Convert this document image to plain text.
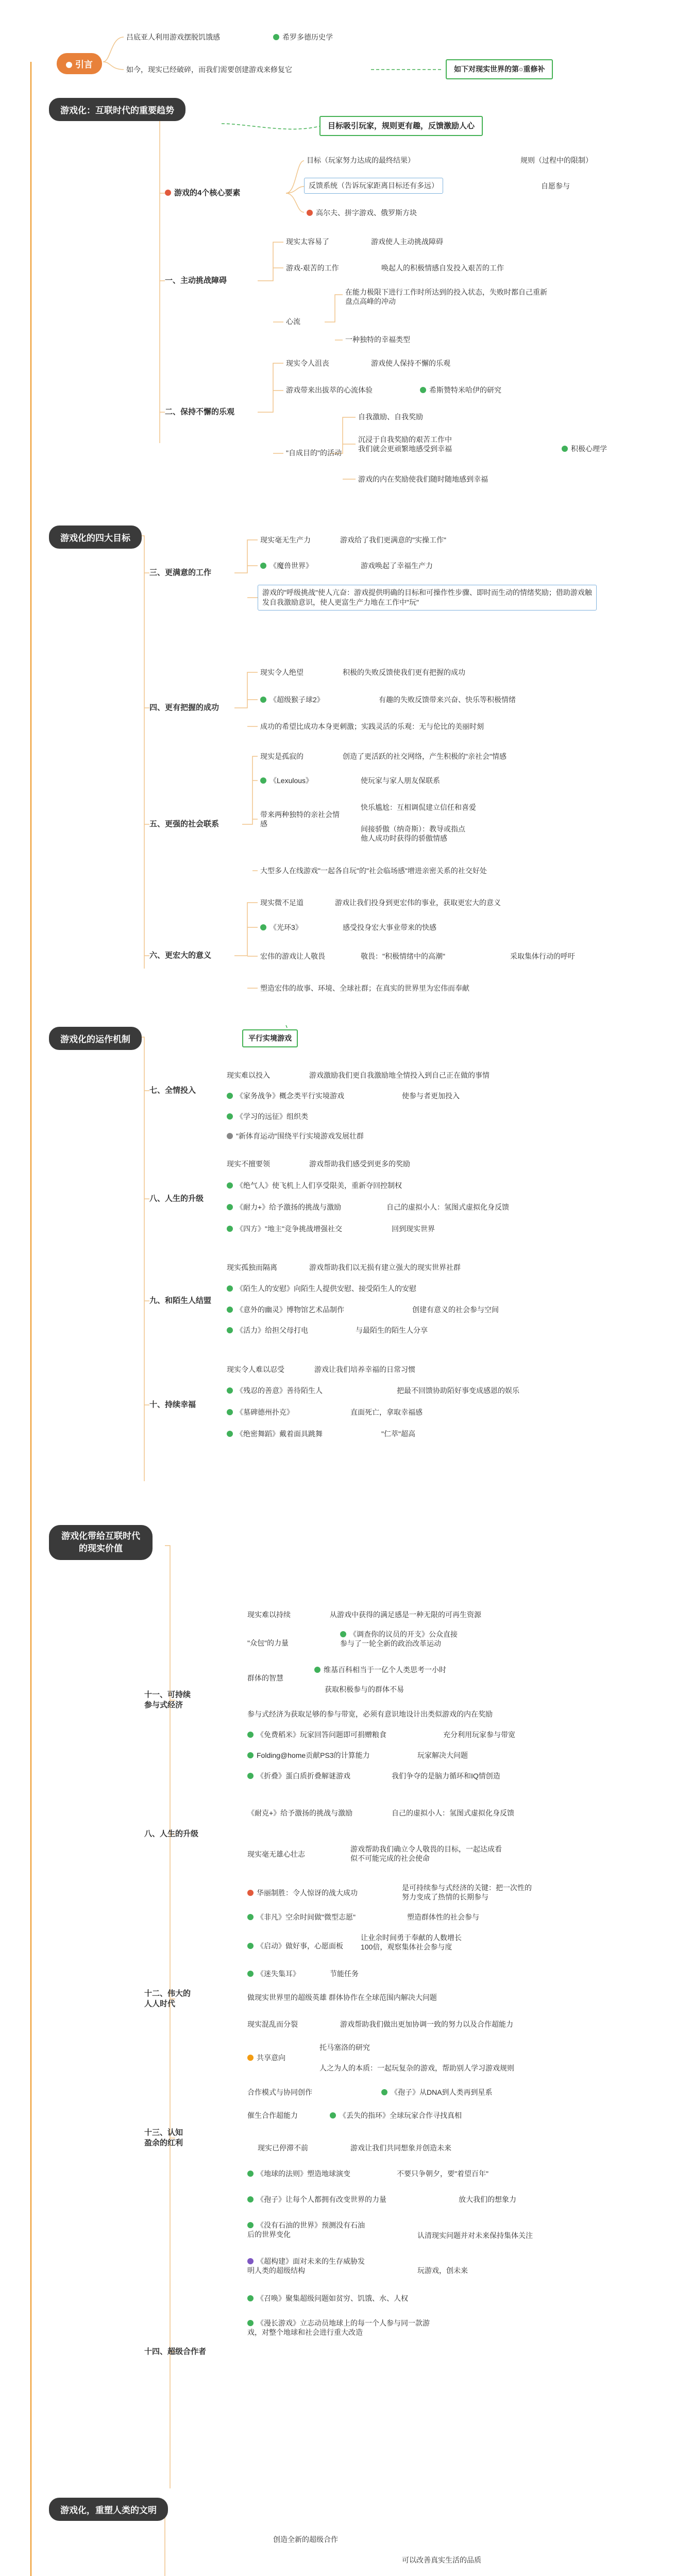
引言
吕底亚人利用游戏摆脱饥饿感	希罗多德历史学
如今，现实已经破碎，而我们需要创建游戏来修复它	如下对现实世界的第○重修补
游戏化：互联时代的重要趋势
目标吸引玩家，规则更有趣，反馈激励人心
游戏的4个核心要素
目标（玩家努力达成的最终结果）	规则（过程中的限制）
反馈系统（告诉玩家距离目标还有多远）	自愿参与
高尔夫、拼字游戏、俄罗斯方块
一、主动挑战障碍
现实太容易了	游戏使人主动挑战障碍
游戏-艰苦的工作	唤起人的积极情感自发投入艰苦的工作
心流
在能力极限下进行工作时所达到的投入状态，失败时都自己重新盘点高峰的冲动
一种独特的幸福类型
二、保持不懈的乐观
现实令人沮丧	游戏使人保持不懈的乐观
游戏带来出拔萃的心流体验	希斯赞特米哈伊的研究
"自成目的"的活动
自我激励、自我奖励
沉浸于自我奖励的艰苦工作中
我们就会更顽繁地感受到幸福	积极心理学
游戏的内在奖励使我们随时随地感到幸福
游戏化的四大目标
三、更满意的工作
现实毫无生产力	游戏给了我们更满意的"实操工作"
《魔兽世界》	游戏唤起了幸福生产力
游戏的"呼级挑战"使人亢奋：游戏提供明确的目标和可操作性步骤、即时而生动的情绪奖励；借助游戏触发自我激励意识，使人更富生产力地在工作中"玩"
四、更有把握的成功
现实令人绝望	积极的失败反馈使我们更有把握的成功
《超级猴子球2》	有趣的失败反馈带来兴奋、快乐等积极情绪
成功的希望比成功本身更刺激；实践灵活的乐观：无与伦比的美丽时刻
五、更强的社会联系
现实是孤寂的	创造了更活跃的社交网络，产生积极的"亲社会"情感
《Lexulous》	使玩家与家人朋友保联系
带来两种独特的亲社会情感
快乐尴尬：互相调侃建立信任和喜爱
间接骄傲（纳奇斯）：教导或指点
他人成功时获得的骄傲情感
大型多人在线游戏"一起各自玩"的"社会临场感"增进亲密关系的社交好处
六、更宏大的意义
现实微不足道	游戏让我们投身到更宏伟的事业，获取更宏大的意义
《光环3》	感受投身宏大事业带来的快感
宏伟的游戏让人敬畏	敬畏："积极情绪中的高潮"	采取集体行动的呼吁
塑造宏伟的故事、环境、全球社群；在真实的世界里为宏伟而奉献
游戏化的运作机制	平行实境游戏
七、全情投入
现实难以投入	游戏激励我们更自我激励地全情投入到自己正在做的事情
《家务战争》概念类平行实境游戏	使参与者更加投入
《学习的远征》组织类
"新体育运动"围绕平行实境游戏发展壮群
八、人生的升级
现实不擅要领	游戏帮助我们感受到更多的奖励
《绝气人》使飞机上人们享受限美，重新夺回控制权
《耐力+》给予激扬的挑战与激励	自己的虚拟小人：氢图式虚拟化身反馈
《四方》"地主"竞争挑战增强社交	回到现实世界
九、和陌生人结盟
现实孤独而隔离	游戏帮助我们以无损有建立强大的现实世界社群
《陌生人的安慰》向陌生人提供安慰、接受陌生人的安慰
《意外的幽灵》博物馆艺术品制作	创建有意义的社会参与空间
《活力》给担父母打电	与最陌生的陌生人分享
十、持续幸福
现实令人难以忍受	游戏让我们培养幸福的日常习惯
《残忍的善意》善待陌生人	把最不回馈协助陌好事变成感恩的娱乐
《墓碑德州扑克》	直面死亡，拿取幸福感
《绝密舞蹈》戴着面具跳舞	"仁萃"超高
游戏化带给互联时代
的现实价值
十一、可持续
参与式经济
现实难以持续	从游戏中获得的满足感是一种无限的可再生资源
"众包"的力量
《调查你的议员的开支》公众直接
参与了一轮全新的政治改革运动
群体的智慧
维基百科相当于一亿个人类思考一小时
获取积极参与的群体不易
参与式经济为获取足够的参与带宽，必须有意识地设计出类似游戏的内在奖励
《免费稻米》玩家回答问题即可捐赠粮食	充分利用玩家参与带宽
Folding@home贡献PS3的计算能力	玩家解决大问题
《折叠》蛋白质折叠解谜游戏	我们争夺的是脑力循环和IQ情创造
八、人生的升级
《耐克+》给予激扬的挑战与激励	自己的虚拟小人：氢图式虚拟化身反馈
十二、伟大的
人人时代
现实毫无雄心壮志
游戏帮助我们确立令人敬畏的目标，一起达成看
似不可能完成的社会使命
华丽制胜：令人惊讶的战大成功
是可持续参与式经济的关键：把一次性的
努力变成了热情的长期参与
《非凡》空余时间做"微型志愿"	塑造群体性的社会参与
《启动》做好事，心愿面板
让业余时间勇于奉献的人数增长
100倍，观察集体社会参与度
《迷失集耳》	节能任务
做现实世界里的超级英雄 群体协作在全球范围内解决大问题
十三、认知
盈余的红利
现实混乱而分裂	游戏帮助我们做出更加协调一致的努力以及合作超能力
共享意向
托马塞洛的研究
人之为人的本质：一起玩复杂的游戏，帮助别人学习游戏规则
合作模式与协同创作	《孢子》从DNA到人类再到星系
催生合作超能力	《丢失的指环》全球玩家合作寻找真相
十四、超级合作者
现实已停滞不前	游戏让我们共同想象并创造未来
《地球的法则》塑造地球演变	不要只争朝夕，要"着望百年"
《孢子》让每个人都拥有改变世界的力量	放大我们的想象力
《没有石油的世界》预测没有石油
后的世界变化	认清现实问题并对未来保持集体关注
《超构建》面对未来的生存威胁发
明人类的超级结构	玩游戏，创未来
《召唤》聚集超级问题如贫穷、饥饿、水、人权
《漫长游戏》立志动员地球上的每一个人参与同一款游
戏，对整个地球和社会进行重大改造
游戏化，重塑人类的文明
创造全新的超级合作
可以改善真实生活的品质
